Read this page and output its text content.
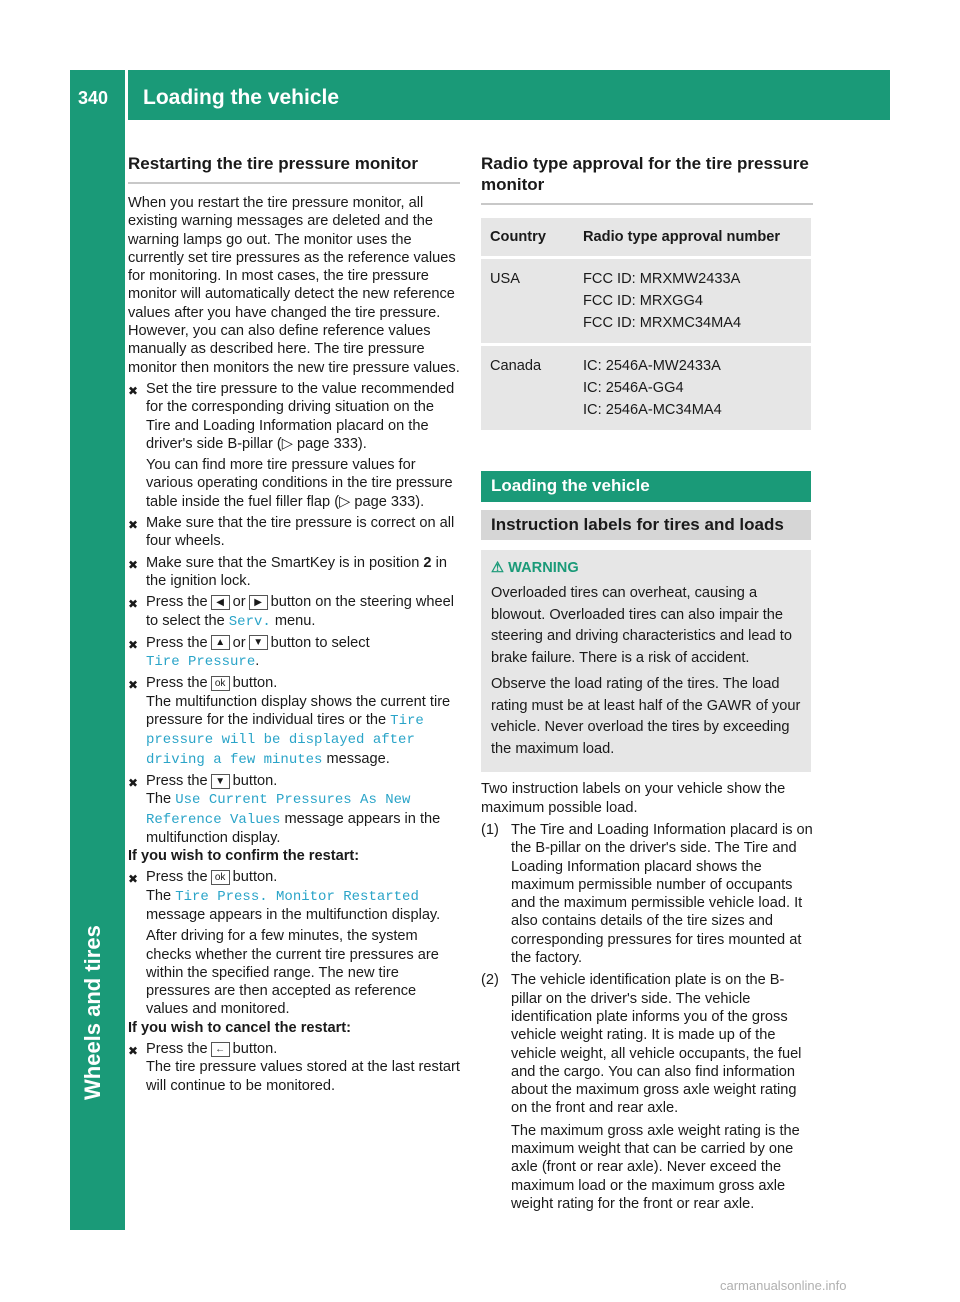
340 Loading the vehicle
Wheels and tires
Restarting the tire pressure monitor

When you restart the tire pressure monitor, all existing warning messages are deleted and the warning lamps go out. The monitor uses the currently set tire pressures as the reference values for monitoring. In most cases, the tire pressure monitor will automatically detect the new reference values after you have changed the tire pressure. However, you can also define reference values manually as described here. The tire pressure monitor then monitors the new tire pressure values.

✖ Set the tire pressure to the value recommended for the corresponding driving situation on the Tire and Loading Information placard on the driver's side B-pillar (▷ page 333).
You can find more tire pressure values for various operating conditions in the tire pressure table inside the fuel filler flap (▷ page 333).
✖ Make sure that the tire pressure is correct on all four wheels.
✖ Make sure that the SmartKey is in position 2 in the ignition lock.
✖ Press the ◀ or ▶ button on the steering wheel to select the Serv. menu.
✖ Press the ▲ or ▼ button to select
Tire Pressure.
✖ Press the ok button.
The multifunction display shows the current tire pressure for the individual tires or the Tire pressure will be displayed after driving a few minutes message.
✖ Press the ▼ button.
The Use Current Pressures As New Reference Values message appears in the multifunction display.

If you wish to confirm the restart:

✖ Press the ok button.
The Tire Press. Monitor Restarted message appears in the multifunction display.
After driving for a few minutes, the system checks whether the current tire pressures are within the specified range. The new tire pressures are then accepted as reference values and monitored.

If you wish to cancel the restart:

✖ Press the ← button.
The tire pressure values stored at the last restart will continue to be monitored.
Radio type approval for the tire pressure monitor
Country	Radio type approval number
USA	FCC ID: MRXMW2433A
FCC ID: MRXGG4
FCC ID: MRXMC34MA4

Canada	IC: 2546A-MW2433A
IC: 2546A-GG4
IC: 2546A-MC34MA4
Loading the vehicle
Instruction labels for tires and loads
⚠ WARNING

Overloaded tires can overheat, causing a blowout. Overloaded tires can also impair the steering and driving characteristics and lead to brake failure. There is a risk of accident.

Observe the load rating of the tires. The load rating must be at least half of the GAWR of your vehicle. Never overload the tires by exceeding the maximum load.

Two instruction labels on your vehicle show the maximum possible load.

(1) The Tire and Loading Information placard is on the B-pillar on the driver's side. The Tire and Loading Information placard shows the maximum permissible number of occupants and the maximum permissible vehicle load. It also contains details of the tire sizes and corresponding pressures for tires mounted at the factory.
(2) The vehicle identification plate is on the B-pillar on the driver's side. The vehicle identification plate informs you of the gross vehicle weight rating. It is made up of the vehicle weight, all vehicle occupants, the fuel and the cargo. You can also find information about the maximum gross axle weight rating on the front and rear axle.
The maximum gross axle weight rating is the maximum weight that can be carried by one axle (front or rear axle). Never exceed the maximum load or the maximum gross axle weight rating for the front or rear axle.
carmanualsonline.info
